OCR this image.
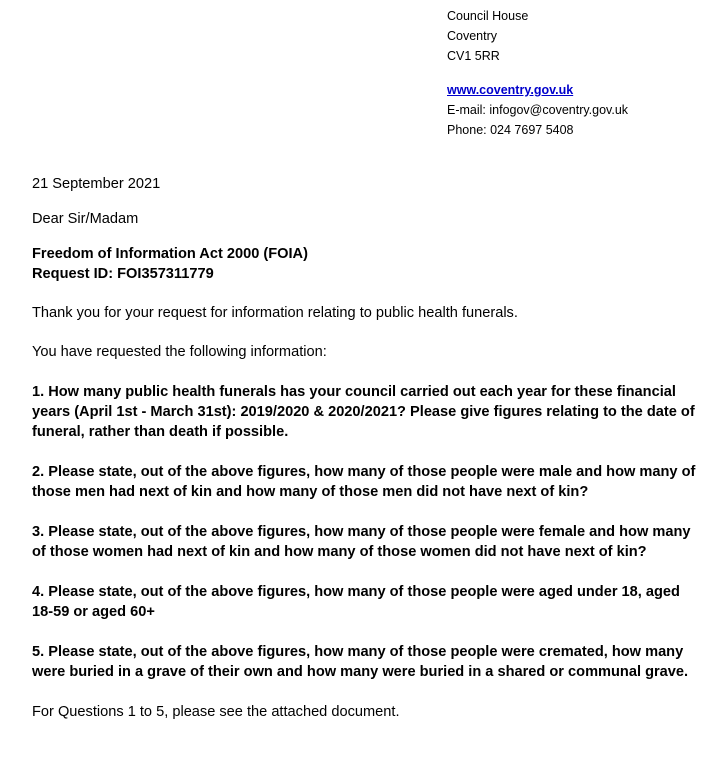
Council House
Coventry
CV1 5RR
www.coventry.gov.uk
E-mail: infogov@coventry.gov.uk
Phone: 024 7697 5408

21 September 2021

Dear Sir/Madam

Freedom of Information Act 2000 (FOIA)

Request ID: FOI357311779

Thank you for your request for information relating to public health funerals.

You have requested the following information:

1. How many public health funerals has your council carried out each year for these financial years (April 1st - March 31st): 2019/2020 & 2020/2021? Please give figures relating to the date of funeral, rather than death if possible.

2. Please state, out of the above figures, how many of those people were male and how many of those men had next of kin and how many of those men did not have next of kin?

3. Please state, out of the above figures, how many of those people were female and how many of those women had next of kin and how many of those women did not have next of kin?

4. Please state, out of the above figures, how many of those people were aged under 18, aged 18-59 or aged 60+

5. Please state, out of the above figures, how many of those people were cremated, how many were buried in a grave of their own and how many were buried in a shared or communal grave.

For Questions 1 to 5, please see the attached document.
